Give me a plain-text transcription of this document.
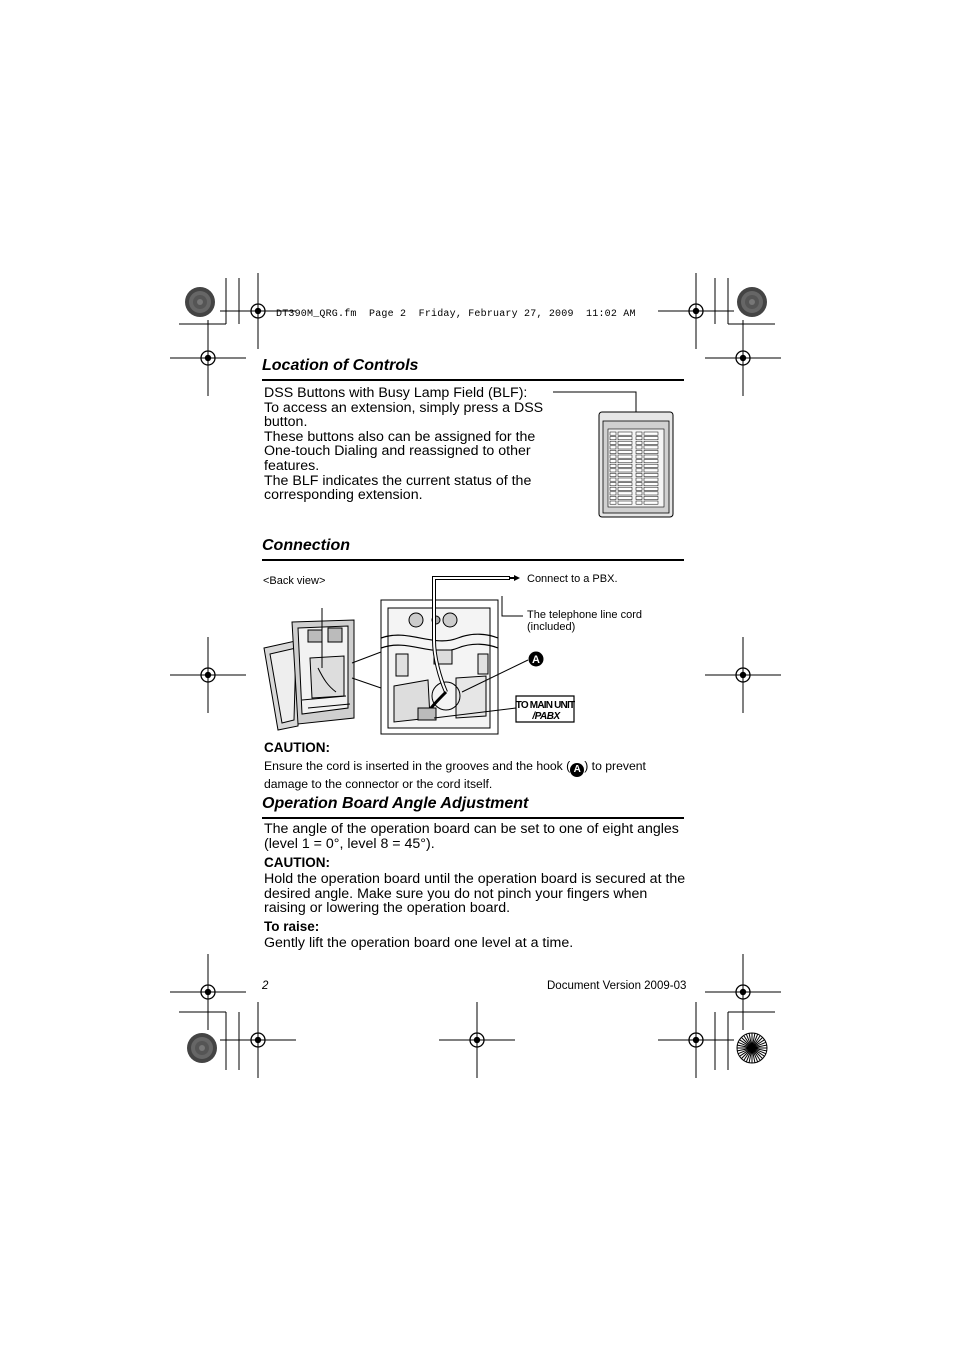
DT390M_QRG.fm  Page 2  Friday, February 27, 2009  11:02 AM
Location of Controls
DSS Buttons with Busy Lamp Field (BLF):
To access an extension, simply press a DSS button.
These buttons also can be assigned for the One-touch Dialing and reassigned to other features.
The BLF indicates the current status of the corresponding extension.
Connection
<Back view>
A
TO MAIN UNIT
/PABX
Connect to a PBX.
The telephone line cord
(included)
CAUTION:
Ensure the cord is inserted in the grooves and the hook ( A ) to prevent
damage to the connector or the cord itself.
Operation Board Angle Adjustment
The angle of the operation board can be set to one of eight angles
(level 1 = 0°, level 8 = 45°).
CAUTION:
Hold the operation board until the operation board is secured at the
desired angle. Make sure you do not pinch your fingers when
raising or lowering the operation board.
To raise:
Gently lift the operation board one level at a time.
2	Document Version 2009-03
